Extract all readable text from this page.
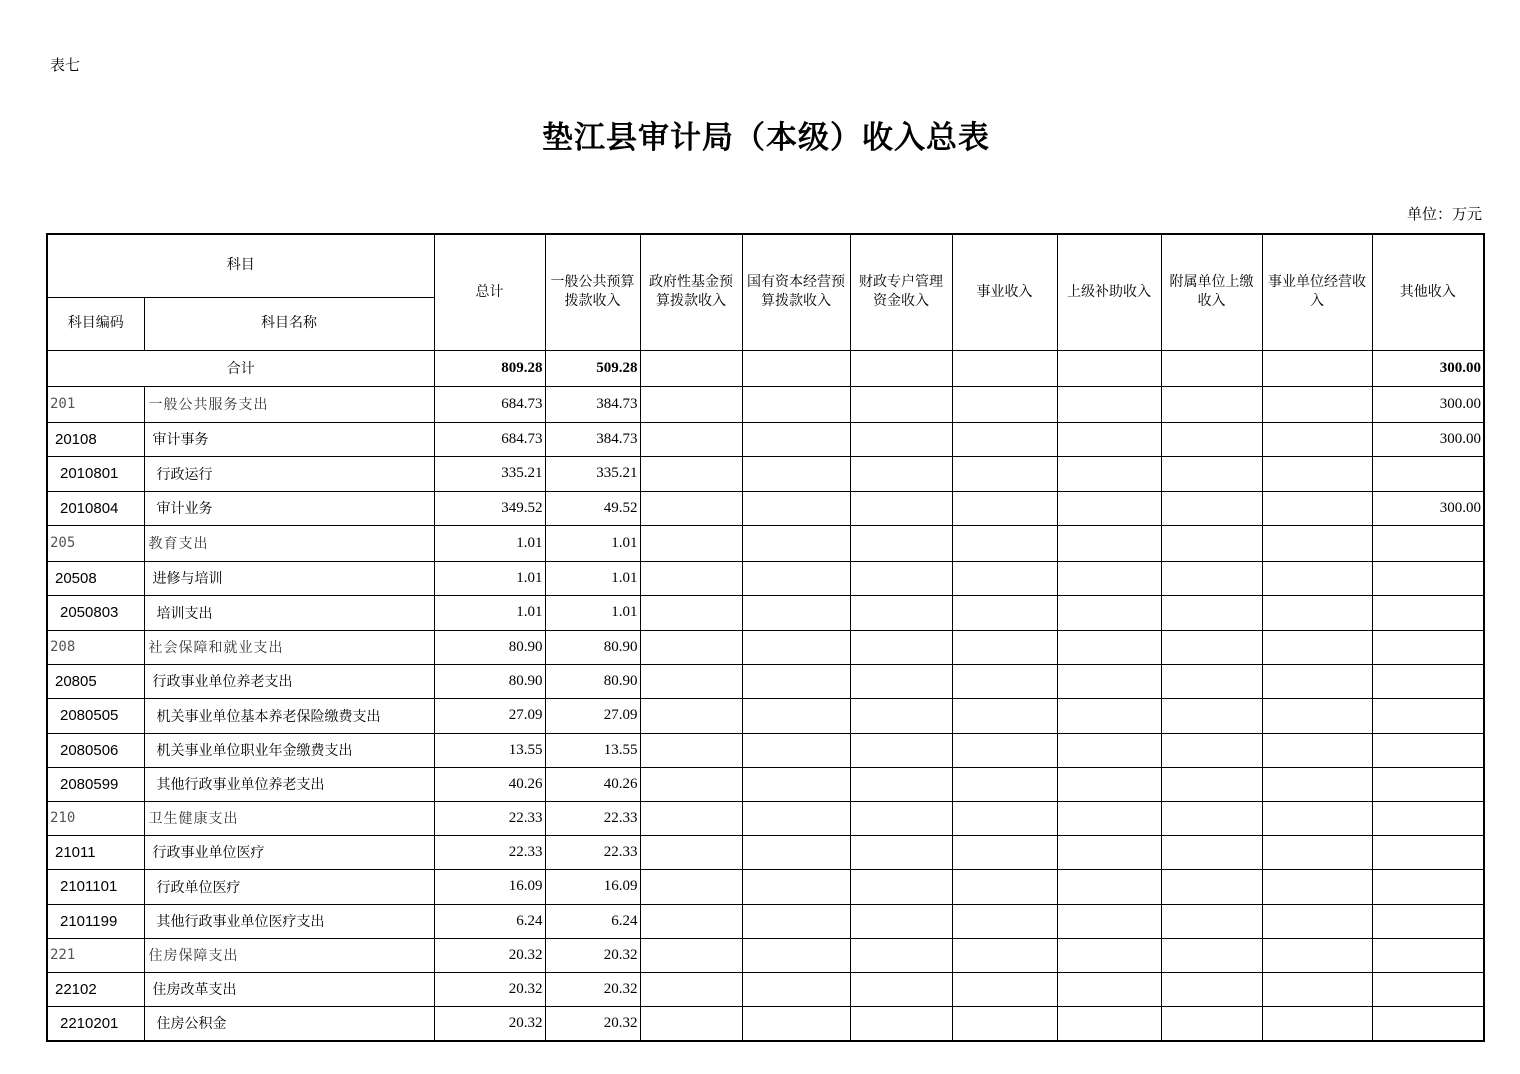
表七
垫江县审计局（本级）收入总表
单位：万元
科目		总计	一般公共预算拨款收入	政府性基金预算拨款收入	国有资本经营预算拨款收入	财政专户管理资金收入	事业收入	上级补助收入	附属单位上缴收入	事业单位经营收入	其他收入
科目编码	科目名称										
合计		809.28	509.28								300.00
201	一般公共服务支出	684.73	384.73								300.00
20108	审计事务	684.73	384.73								300.00
2010801	行政运行	335.21	335.21								
2010804	审计业务	349.52	49.52								300.00
205	教育支出	1.01	1.01								
20508	进修与培训	1.01	1.01								
2050803	培训支出	1.01	1.01								
208	社会保障和就业支出	80.90	80.90								
20805	行政事业单位养老支出	80.90	80.90								
2080505	机关事业单位基本养老保险缴费支出	27.09	27.09								
2080506	机关事业单位职业年金缴费支出	13.55	13.55								
2080599	其他行政事业单位养老支出	40.26	40.26								
210	卫生健康支出	22.33	22.33								
21011	行政事业单位医疗	22.33	22.33								
2101101	行政单位医疗	16.09	16.09								
2101199	其他行政事业单位医疗支出	6.24	6.24								
221	住房保障支出	20.32	20.32								
22102	住房改革支出	20.32	20.32								
2210201	住房公积金	20.32	20.32								
